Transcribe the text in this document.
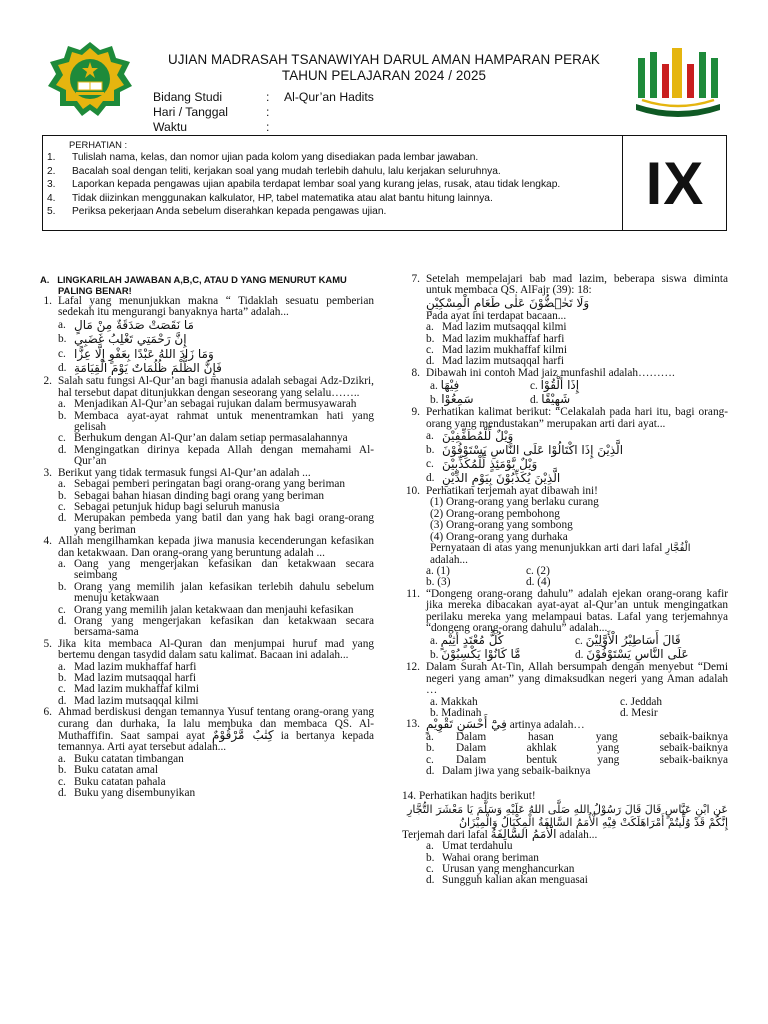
UJIAN MADRASAH TSANAWIYAH DARUL AMAN HAMPARAN PERAK
TAHUN PELAJARAN 2024 / 2025
Bidang Studi	:	Al-Qur’an Hadits
Hari / Tanggal	:
Waktu	:
PERHATIAN :
1.	Tulislah nama, kelas, dan nomor ujian pada kolom yang disediakan pada lembar jawaban.
2.	Bacalah soal dengan teliti, kerjakan soal yang mudah terlebih dahulu, lalu kerjakan seluruhnya.
3.	Laporkan kepada pengawas ujian apabila terdapat lembar soal yang kurang jelas, rusak, atau tidak lengkap.
4.	Tidak diizinkan menggunakan kalkulator, HP, tabel matematika atau alat bantu hitung lainnya.
5.	Periksa pekerjaan Anda sebelum diserahkan kepada pengawas ujian.	IX
A. LINGKARILAH JAWABAN A,B,C, ATAU D YANG MENURUT KAMU PALING BENAR!
1. Lafal yang menunjukkan makna “ Tidaklah sesuatu pemberian sedekah itu mengurangi banyaknya harta” adalah...
a. مَا نَقَصَتْ صَدَقَةٌ مِنْ مَالٍ
b. إِنَّ رَحْمَتِي تَغْلِبُ غَضَبِي
c. وَمَا زَادَ اللهُ عَبْدًا بِعَفْوٍ إِلَّا عِزًّا
d. فَإِنَّ الظُّلْمَ ظُلُمَاتٌ يَوْمَ الْقِيَامَةِ
2. Salah satu fungsi Al-Qur’an bagi manusia adalah sebagai Adz-Dzikri, hal tersebut dapat ditunjukkan dengan seseorang yang selalu……..
a. Menjadikan Al-Qur’an sebagai rujukan dalam bermusyawarah
b. Membaca ayat-ayat rahmat untuk menentramkan hati yang gelisah
c. Berhukum dengan Al-Qur’an dalam setiap permasalahannya
d. Mengingatkan dirinya kepada Allah dengan memahami Al-Qur’an
3. Berikut yang tidak termasuk fungsi Al-Qur’an adalah ...
a. Sebagai pemberi peringatan bagi orang-orang yang beriman
b. Sebagai bahan hiasan dinding bagi orang yang beriman
c. Sebagai petunjuk hidup bagi seluruh manusia
d. Merupakan pembeda yang batil dan yang hak bagi orang-orang yang beriman
4. Allah mengilhamkan kepada jiwa manusia kecenderungan kefasikan dan ketakwaan. Dan orang-orang yang beruntung adalah ...
a. Oang yang mengerjakan kefasikan dan ketakwaan secara seimbang
b. Orang yang memilih jalan kefasikan terlebih dahulu sebelum menuju ketakwaan
c. Orang yang memilih jalan ketakwaan dan menjauhi kefasikan
d. Orang yang mengerjakan kefasikan dan ketakwaan secara bersama-sama
5. Jika kita membaca Al-Quran dan menjumpai huruf mad yang bertemu dengan tasydid dalam satu kalimat. Bacaan ini adalah...
a. Mad lazim mukhaffaf harfi
b. Mad lazim mutsaqqal harfi
c. Mad lazim mukhaffaf kilmi
d. Mad lazim mutsaqqal kilmi
6. Ahmad berdiskusi dengan temannya Yusuf tentang orang-orang yang curang dan durhaka, Ia lalu membuka dan membaca QS. Al-Muthaffifin. Saat sampai ayat كِتٰبٌ مَّرْقُوْمٌ ia bertanya kepada temannya. Arti ayat tersebut adalah...
a. Buku catatan timbangan
b. Buku catatan amal
c. Buku catatan pahala
d. Buku yang disembunyikan
7. Setelah mempelajari bab mad lazim, beberapa siswa diminta untuk membaca QS. AlFajr (39): 18:
وَلَا تَحٰۤضُّوْنَ عَلٰى طَعَامِ الْمِسْكِيْنِ
Pada ayat ini terdapat bacaan...
a. Mad lazim mutsaqqal kilmi
b. Mad lazim mukhaffaf harfi
c. Mad lazim mukhaffaf kilmi
d. Mad lazim mutsaqqal harfi
8. Dibawah ini contoh Mad jaiz munfashil adalah……….
a. فِيْهَا	c. إِذَا أَلْقُوْا
b. سَمِعُوْا	d. شَهِيْقًا
9. Perhatikan kalimat berikut: “Celakalah pada hari itu, bagi orang-orang yang mendustakan” merupakan arti dari ayat...
a. وَيْلٌ لِّلْمُطَفِّفِيْنَ
b. الَّذِيْنَ إِذَا اكْتَالُوْا عَلَى النَّاسِ يَسْتَوْفُوْنَ
c. وَيْلٌ يَّوْمَئِذٍ لِّلْمُكَذِّبِيْنَ
d. الَّذِيْنَ يُكَذِّبُوْنَ بِيَوْمِ الدِّيْنِ
10. Perhatikan terjemah ayat dibawah ini!
(1) Orang-orang yang berlaku curang
(2) Orang-orang pembohong
(3) Orang-orang yang sombong
(4) Orang-orang yang durhaka
Pernyataan di atas yang menunjukkan arti dari lafal الْفُجَّارِ
adalah...
a. (1)	c. (2)
b. (3)	d. (4)
11. “Dongeng orang-orang dahulu” adalah ejekan orang-orang kafir jika mereka dibacakan ayat-ayat al-Qur’an untuk mengingatkan perilaku mereka yang melampaui batas. Lafal yang terjemahnya “dongeng orang-orang dahulu” adalah...
a. كُلُّ مُعْتَدٍ أَثِيْمٍ	c. قَالَ أَسَاطِيْرُ الْأَوَّلِيْنَ
b. مَّا كَانُوْا يَكْسِبُوْنَ	d. عَلَى النَّاسِ يَسْتَوْفُوْنَ
12. Dalam Surah At-Tin, Allah bersumpah dengan menyebut “Demi negeri yang aman” yang dimaksudkan negeri yang Aman adalah …
a. Makkah	c. Jeddah
b. Madinah	d. Mesir
13. فِيْٓ أَحْسَنِ تَقْوِيْمٍ artinya adalah…
a.	Dalam	hasan	yang	sebaik-baiknya
b.	Dalam	akhlak	yang	sebaik-baiknya
c.	Dalam	bentuk	yang	sebaik-baiknya
d. Dalam jiwa yang sebaik-baiknya
14. Perhatikan hadits berikut!
عَنِ ابْنِ عَبَّاسٍ قَالَ قَالَ رَسُوْلُ اللهِ صَلَّى اللهُ عَلَيْهِ وَسَلَّمَ يَا مَعْشَرَ التُّجَّارِ إِنَّكُمْ قَدْ وُلِّيتُمْ أَمْرَاهَلَكَتْ فِيْهِ الْأُمَمُ السَّالِفَةُ الْمِكْيَالُ وَالْمِيْزَانُ
Terjemah dari lafal الْأُمَمُ السَّالِفَةُ adalah...
a. Umat terdahulu
b. Wahai orang beriman
c. Urusan yang menghancurkan
d. Sungguh kalian akan menguasai
